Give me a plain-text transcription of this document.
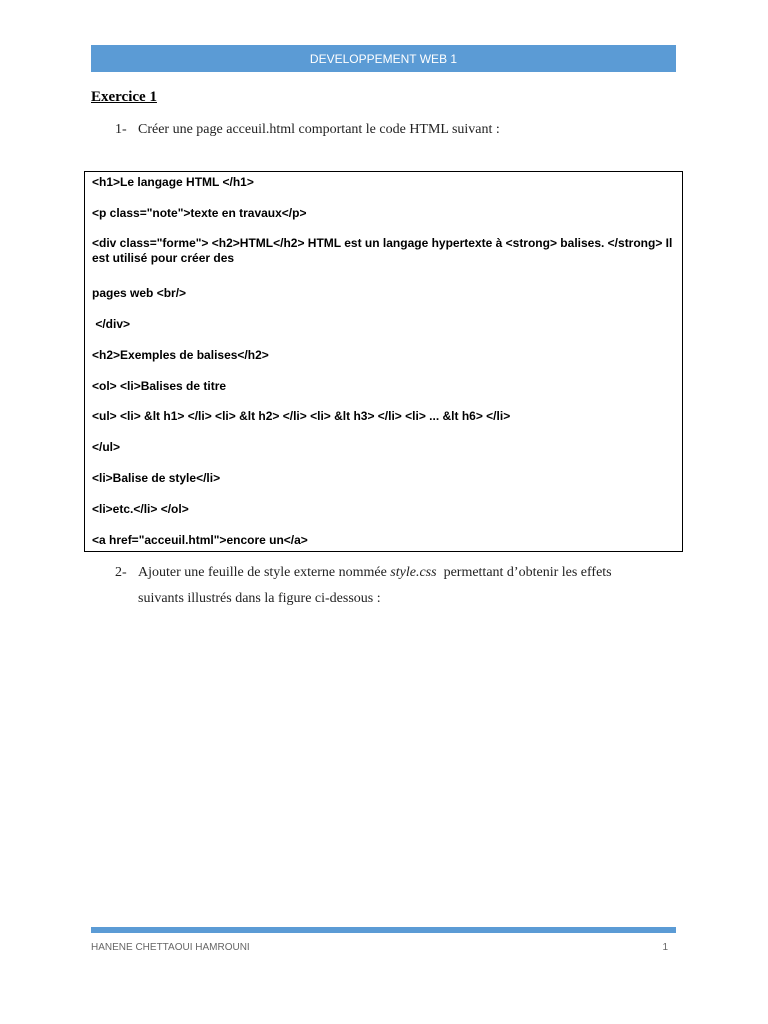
DEVELOPPEMENT WEB 1
Exercice 1
1- Créer une page acceuil.html comportant le code HTML suivant :
<h1>Le langage HTML </h1>
<p class="note">texte en travaux</p>
<div class="forme"> <h2>HTML</h2> HTML est un langage hypertexte à <strong> balises. </strong> Il est utilisé pour créer des
pages web <br/>
</div>
<h2>Exemples de balises</h2>
<ol> <li>Balises de titre
<ul> <li> &lt h1> </li> <li> &lt h2> </li> <li> &lt h3> </li> <li> ... &lt h6> </li>
</ul>
<li>Balise de style</li>
<li>etc.</li> </ol>
<a href="acceuil.html">encore un</a>
2- Ajouter une feuille de style externe nommée style.css  permettant d’obtenir les effets
suivants illustrés dans la figure ci-dessous :
HANENE CHETTAOUI HAMROUNI	1
